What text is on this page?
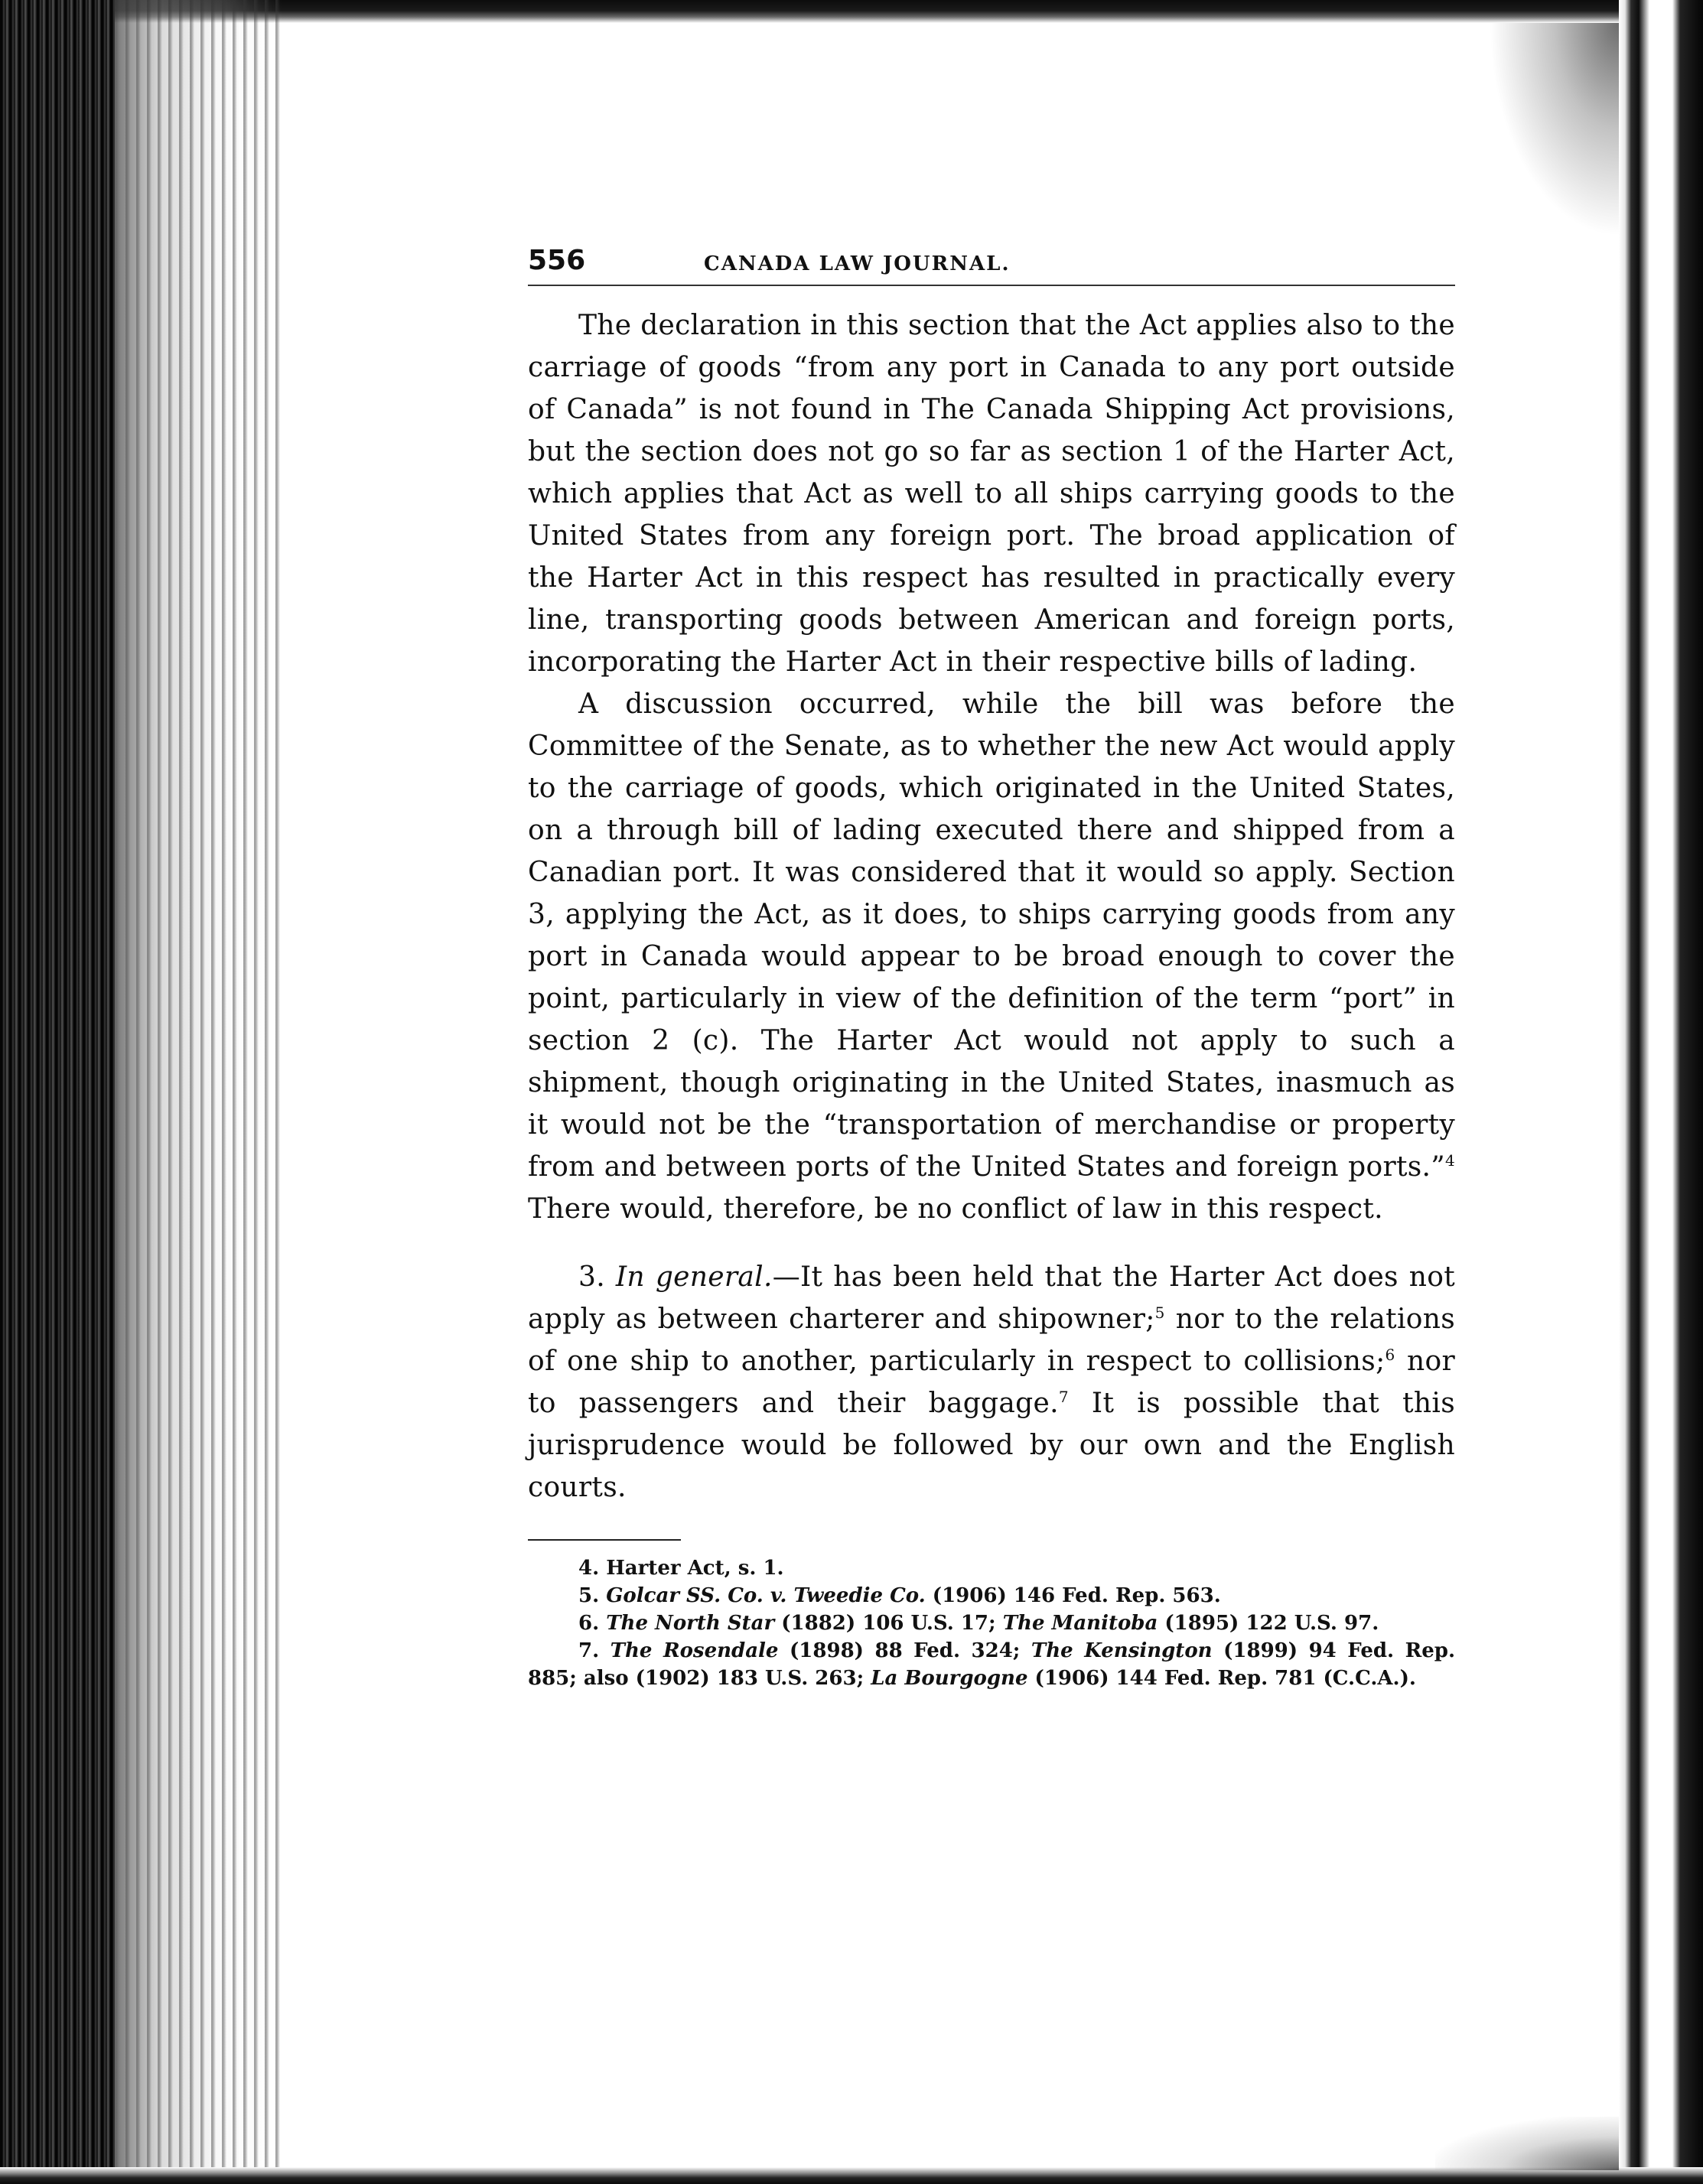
556	CANADA LAW JOURNAL.

The declaration in this section that the Act applies also to the carriage of goods “from any port in Canada to any port outside of Canada” is not found in The Canada Shipping Act provisions, but the section does not go so far as section 1 of the Harter Act, which applies that Act as well to all ships carrying goods to the United States from any foreign port. The broad application of the Harter Act in this respect has resulted in practically every line, transporting goods between American and foreign ports, incorporating the Harter Act in their respective bills of lading.

A discussion occurred, while the bill was before the Committee of the Senate, as to whether the new Act would apply to the carriage of goods, which originated in the United States, on a through bill of lading executed there and shipped from a Canadian port. It was considered that it would so apply. Section 3, applying the Act, as it does, to ships carrying goods from any port in Canada would appear to be broad enough to cover the point, particularly in view of the definition of the term “port” in section 2 (c). The Harter Act would not apply to such a shipment, though originating in the United States, inasmuch as it would not be the “transportation of merchandise or property from and between ports of the United States and foreign ports.”$^4$ There would, therefore, be no conflict of law in this respect.

3. In general.—It has been held that the Harter Act does not apply as between charterer and shipowner;$^5$ nor to the relations of one ship to another, particularly in respect to collisions;$^6$ nor to passengers and their baggage.$^7$ It is possible that this jurisprudence would be followed by our own and the English courts.

4. Harter Act, s. 1.

5. Golcar SS. Co. v. Tweedie Co. (1906) 146 Fed. Rep. 563.

6. The North Star (1882) 106 U.S. 17; The Manitoba (1895) 122 U.S. 97.

7. The Rosendale (1898) 88 Fed. 324; The Kensington (1899) 94 Fed. Rep. 885; also (1902) 183 U.S. 263; La Bourgogne (1906) 144 Fed. Rep. 781 (C.C.A.).
